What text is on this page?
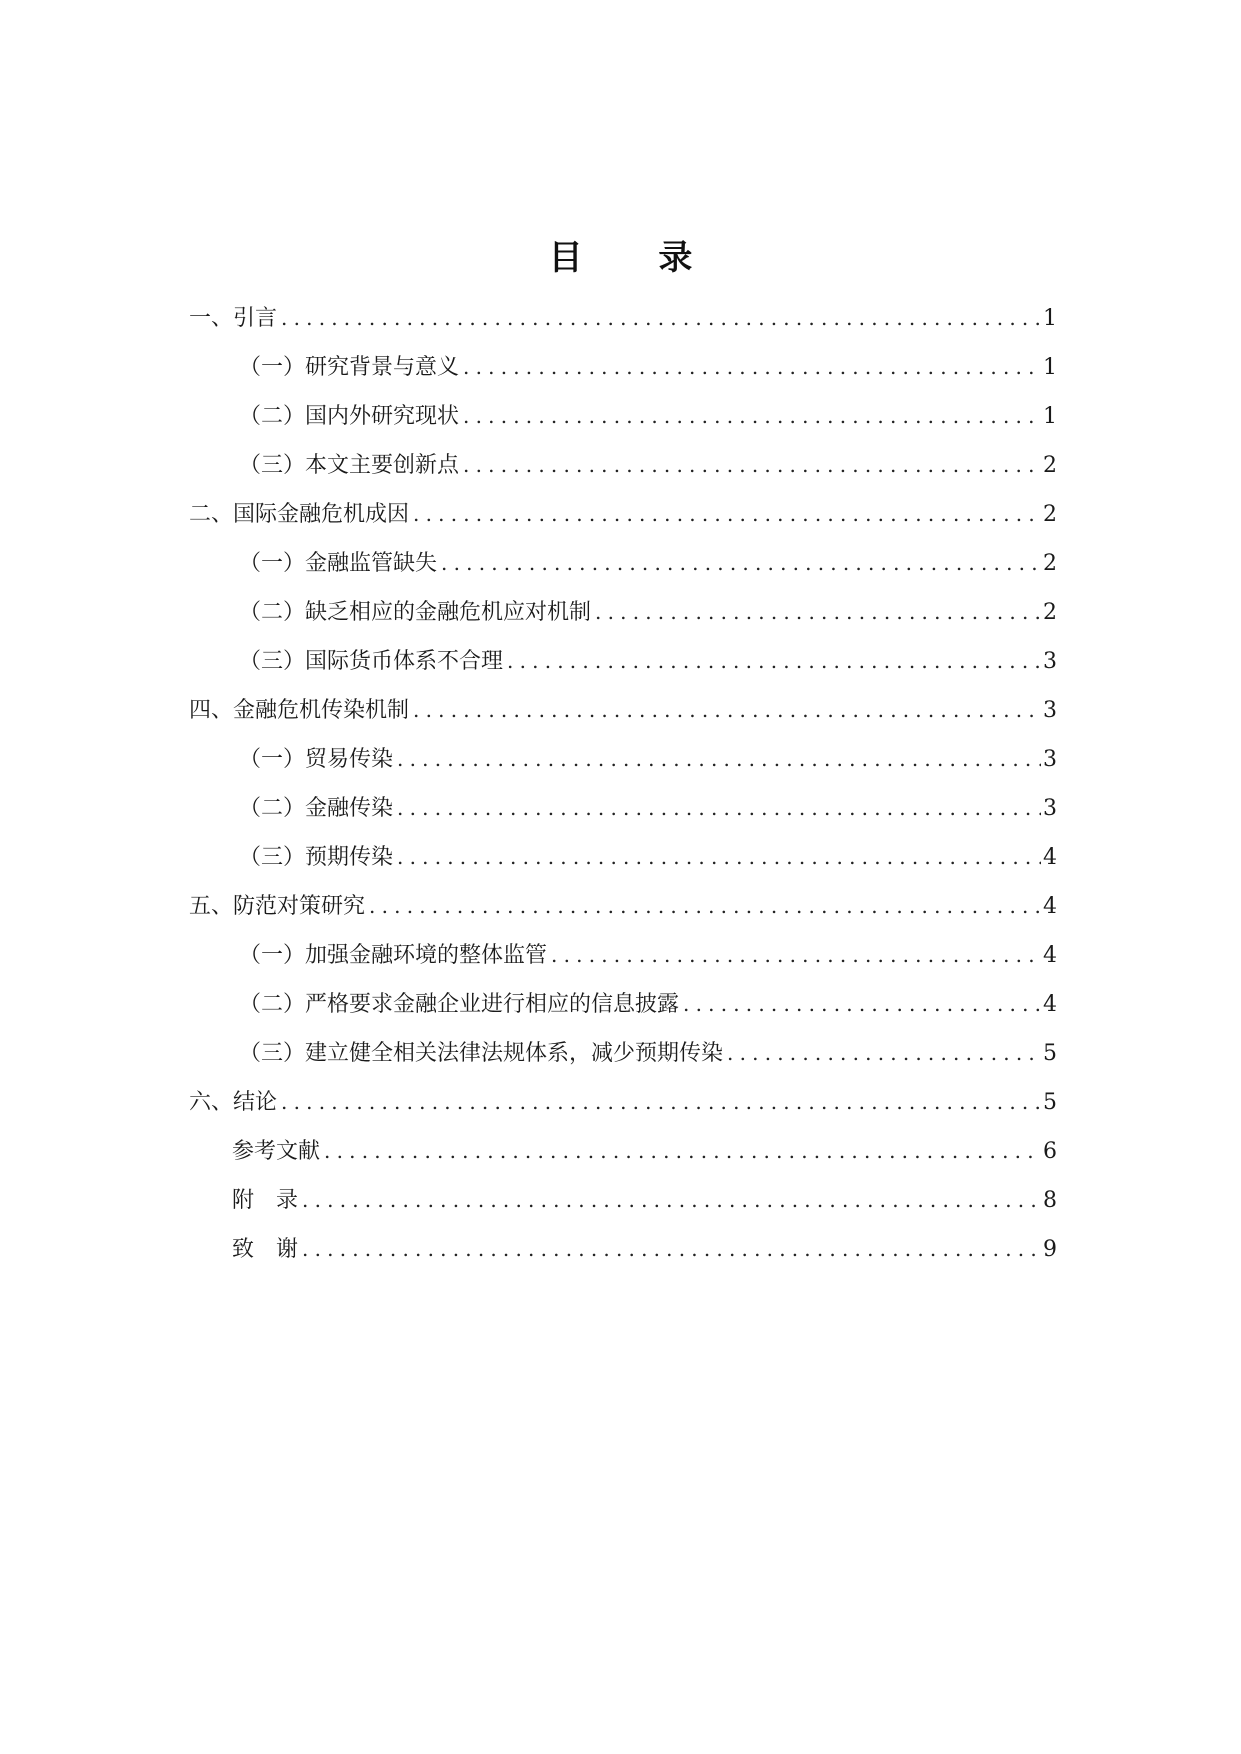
目 录
一、引言 .....	1
（一）研究背景与意义 .....	1
（二）国内外研究现状 .....	1
（三）本文主要创新点 .....	2
二、国际金融危机成因 .....	2
（一）金融监管缺失 .....	2
（二）缺乏相应的金融危机应对机制 .....	2
（三）国际货币体系不合理 .....	3
四、金融危机传染机制 .....	3
（一）贸易传染 .....	3
（二）金融传染 .....	3
（三）预期传染 .....	4
五、防范对策研究 .....	4
（一）加强金融环境的整体监管 .....	4
（二）严格要求金融企业进行相应的信息披露 .....	4
（三）建立健全相关法律法规体系，减少预期传染 .....	5
六、结论 .....	5
参考文献 .....	6
附　录 .....	8
致　谢 .....	9
